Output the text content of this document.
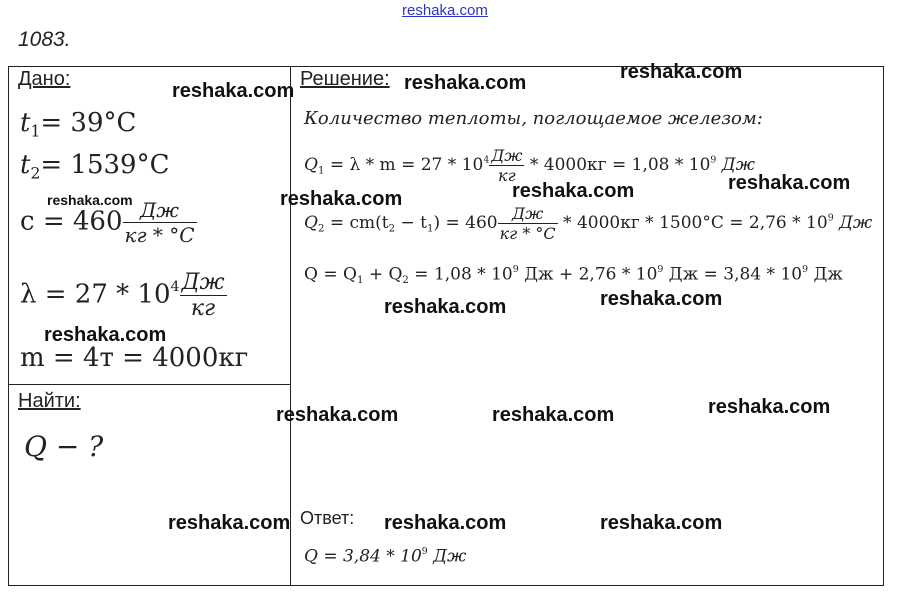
reshaka.com
1083.
Дано:
$t_1= 39^\circ C$
$t_2= 1539^\circ C$
$c = 460 \frac{Дж}{кг * ^\circ C}$
$\lambda = 27 * 10^4 \frac{Дж}{кг}$
m = 4т = 4000кг
Найти:
Q − ?
Решение:
Количество теплоты, поглощаемое железом:
$Q_1 = \lambda * m = 27 * 10^4 \frac{Дж}{кг} * 4000кг = 1,08 * 10^9$ Дж
$Q_2 = cm(t_2 - t_1) = 460 \frac{Дж}{кг * ^\circ C} * 4000кг * 1500^\circ C = 2,76 * 10^9$ Дж
$Q = Q_1 + Q_2 = 1,08 * 10^9$ Дж + $2,76 * 10^9$ Дж = $3,84 * 10^9$ Дж
Ответ:
$Q = 3,84 * 10^9$ Дж
reshaka.com	reshaka.com	reshaka.com
reshaka.com	reshaka.com	reshaka.com	reshaka.com
reshaka.com	reshaka.com
reshaka.com
reshaka.com	reshaka.com	reshaka.com
reshaka.com	reshaka.com	reshaka.com
